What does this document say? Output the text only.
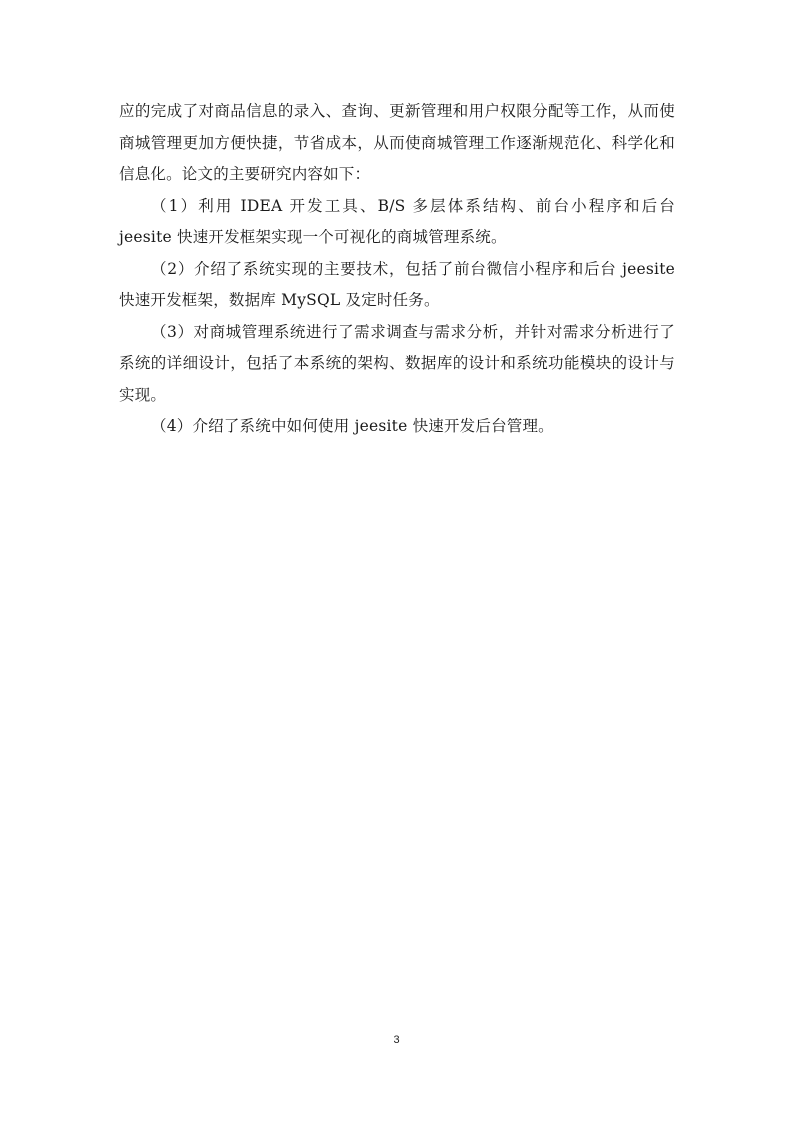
应的完成了对商品信息的录入、查询、更新管理和用户权限分配等工作，从而使商城管理更加方便快捷，节省成本，从而使商城管理工作逐渐规范化、科学化和信息化。论文的主要研究内容如下：

（1）利用 IDEA 开发工具、B/S 多层体系结构、前台小程序和后台 jeesite 快速开发框架实现一个可视化的商城管理系统。

（2）介绍了系统实现的主要技术，包括了前台微信小程序和后台 jeesite 快速开发框架，数据库 MySQL 及定时任务。

（3）对商城管理系统进行了需求调查与需求分析，并针对需求分析进行了系统的详细设计，包括了本系统的架构、数据库的设计和系统功能模块的设计与实现。

（4）介绍了系统中如何使用 jeesite 快速开发后台管理。

3
